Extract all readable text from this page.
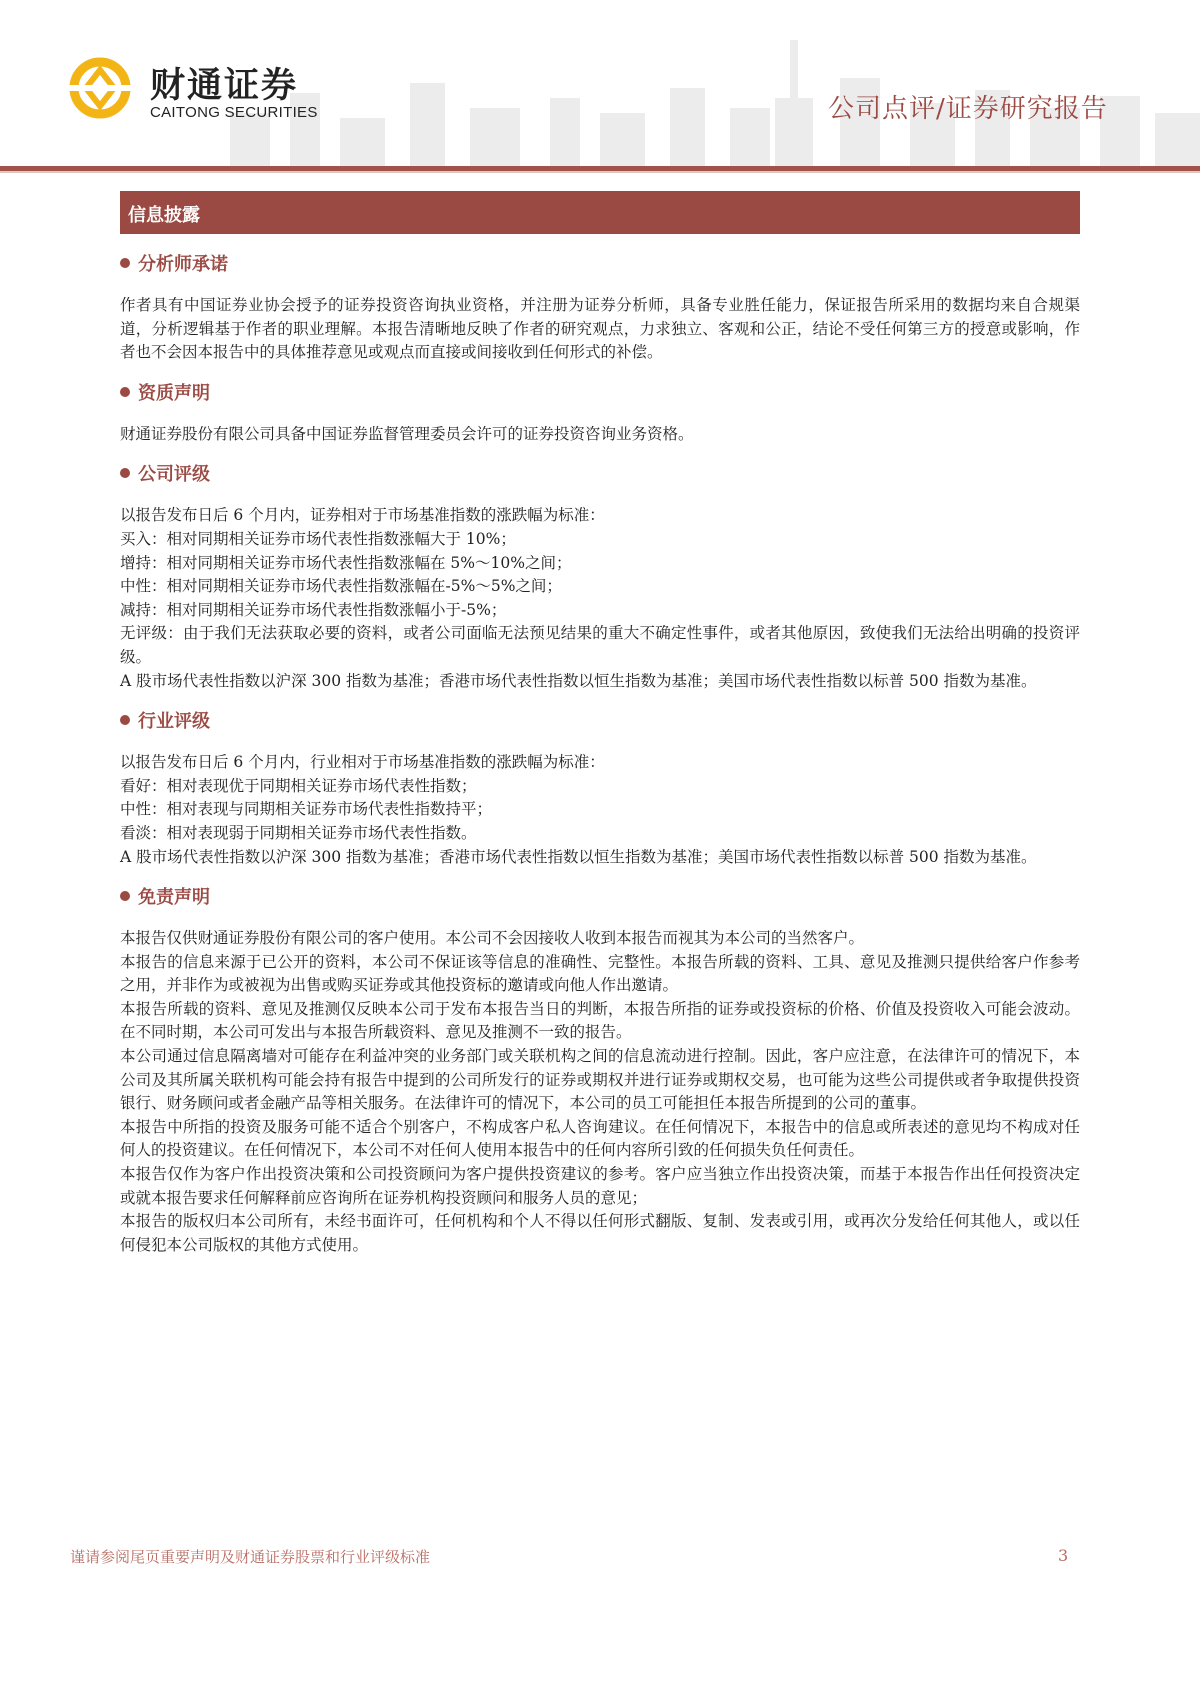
财通证券
CAITONG SECURITIES	公司点评/证券研究报告
信息披露
分析师承诺

作者具有中国证券业协会授予的证券投资咨询执业资格，并注册为证券分析师，具备专业胜任能力，保证报告所采用的数据均来自合规渠道，分析逻辑基于作者的职业理解。本报告清晰地反映了作者的研究观点，力求独立、客观和公正，结论不受任何第三方的授意或影响，作者也不会因本报告中的具体推荐意见或观点而直接或间接收到任何形式的补偿。

资质声明

财通证券股份有限公司具备中国证券监督管理委员会许可的证券投资咨询业务资格。

公司评级

以报告发布日后 6 个月内，证券相对于市场基准指数的涨跌幅为标准：

买入：相对同期相关证券市场代表性指数涨幅大于 10%；

增持：相对同期相关证券市场代表性指数涨幅在 5%～10%之间；

中性：相对同期相关证券市场代表性指数涨幅在-5%～5%之间；

减持：相对同期相关证券市场代表性指数涨幅小于-5%；

无评级：由于我们无法获取必要的资料，或者公司面临无法预见结果的重大不确定性事件，或者其他原因，致使我们无法给出明确的投资评级。

A 股市场代表性指数以沪深 300 指数为基准；香港市场代表性指数以恒生指数为基准；美国市场代表性指数以标普 500 指数为基准。

行业评级

以报告发布日后 6 个月内，行业相对于市场基准指数的涨跌幅为标准：

看好：相对表现优于同期相关证券市场代表性指数；

中性：相对表现与同期相关证券市场代表性指数持平；

看淡：相对表现弱于同期相关证券市场代表性指数。

A 股市场代表性指数以沪深 300 指数为基准；香港市场代表性指数以恒生指数为基准；美国市场代表性指数以标普 500 指数为基准。

免责声明

本报告仅供财通证券股份有限公司的客户使用。本公司不会因接收人收到本报告而视其为本公司的当然客户。

本报告的信息来源于已公开的资料，本公司不保证该等信息的准确性、完整性。本报告所载的资料、工具、意见及推测只提供给客户作参考之用，并非作为或被视为出售或购买证券或其他投资标的邀请或向他人作出邀请。

本报告所载的资料、意见及推测仅反映本公司于发布本报告当日的判断，本报告所指的证券或投资标的价格、价值及投资收入可能会波动。在不同时期，本公司可发出与本报告所载资料、意见及推测不一致的报告。

本公司通过信息隔离墙对可能存在利益冲突的业务部门或关联机构之间的信息流动进行控制。因此，客户应注意，在法律许可的情况下，本公司及其所属关联机构可能会持有报告中提到的公司所发行的证券或期权并进行证券或期权交易，也可能为这些公司提供或者争取提供投资银行、财务顾问或者金融产品等相关服务。在法律许可的情况下，本公司的员工可能担任本报告所提到的公司的董事。

本报告中所指的投资及服务可能不适合个别客户，不构成客户私人咨询建议。在任何情况下，本报告中的信息或所表述的意见均不构成对任何人的投资建议。在任何情况下，本公司不对任何人使用本报告中的任何内容所引致的任何损失负任何责任。

本报告仅作为客户作出投资决策和公司投资顾问为客户提供投资建议的参考。客户应当独立作出投资决策，而基于本报告作出任何投资决定或就本报告要求任何解释前应咨询所在证券机构投资顾问和服务人员的意见；

本报告的版权归本公司所有，未经书面许可，任何机构和个人不得以任何形式翻版、复制、发表或引用，或再次分发给任何其他人，或以任何侵犯本公司版权的其他方式使用。

谨请参阅尾页重要声明及财通证券股票和行业评级标准	3
